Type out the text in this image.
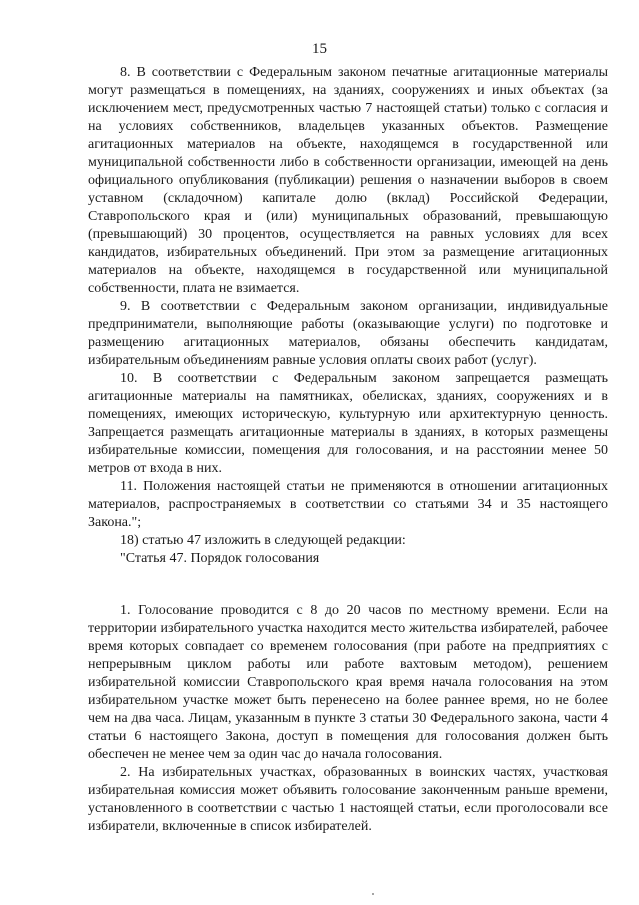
15

8. В соответствии с Федеральным законом печатные агитационные материалы могут размещаться в помещениях, на зданиях, сооружениях и иных объектах (за исключением мест, предусмотренных частью 7 настоящей статьи) только с согласия и на условиях собственников, владельцев указанных объектов. Размещение агитационных материалов на объекте, находящемся в государственной или муниципальной собственности либо в собственности организации, имеющей на день официального опубликования (публикации) решения о назначении выборов в своем уставном (складочном) капитале долю (вклад) Российской Федерации, Ставропольского края и (или) муниципальных образований, превышающую (превышающий) 30 процентов, осуществляется на равных условиях для всех кандидатов, избирательных объединений. При этом за размещение агитационных материалов на объекте, находящемся в государственной или муниципальной собственности, плата не взимается.

9. В соответствии с Федеральным законом организации, индивидуальные предприниматели, выполняющие работы (оказывающие услуги) по подготовке и размещению агитационных материалов, обязаны обеспечить кандидатам, избирательным объединениям равные условия оплаты своих работ (услуг).

10. В соответствии с Федеральным законом запрещается размещать агитационные материалы на памятниках, обелисках, зданиях, сооружениях и в помещениях, имеющих историческую, культурную или архитектурную ценность. Запрещается размещать агитационные материалы в зданиях, в которых размещены избирательные комиссии, помещения для голосования, и на расстоянии менее 50 метров от входа в них.

11. Положения настоящей статьи не применяются в отношении агитационных материалов, распространяемых в соответствии со статьями 34 и 35 настоящего Закона.";

18) статью 47 изложить в следующей редакции:

"Статья 47. Порядок голосования

1. Голосование проводится с 8 до 20 часов по местному времени. Если на территории избирательного участка находится место жительства избирателей, рабочее время которых совпадает со временем голосования (при работе на предприятиях с непрерывным циклом работы или работе вахтовым методом), решением избирательной комиссии Ставропольского края время начала голосования на этом избирательном участке может быть перенесено на более раннее время, но не более чем на два часа. Лицам, указанным в пункте 3 статьи 30 Федерального закона, части 4 статьи 6 настоящего Закона, доступ в помещения для голосования должен быть обеспечен не менее чем за один час до начала голосования.

2. На избирательных участках, образованных в воинских частях, участковая избирательная комиссия может объявить голосование законченным раньше времени, установленного в соответствии с частью 1 настоящей статьи, если проголосовали все избиратели, включенные в список избирателей.
